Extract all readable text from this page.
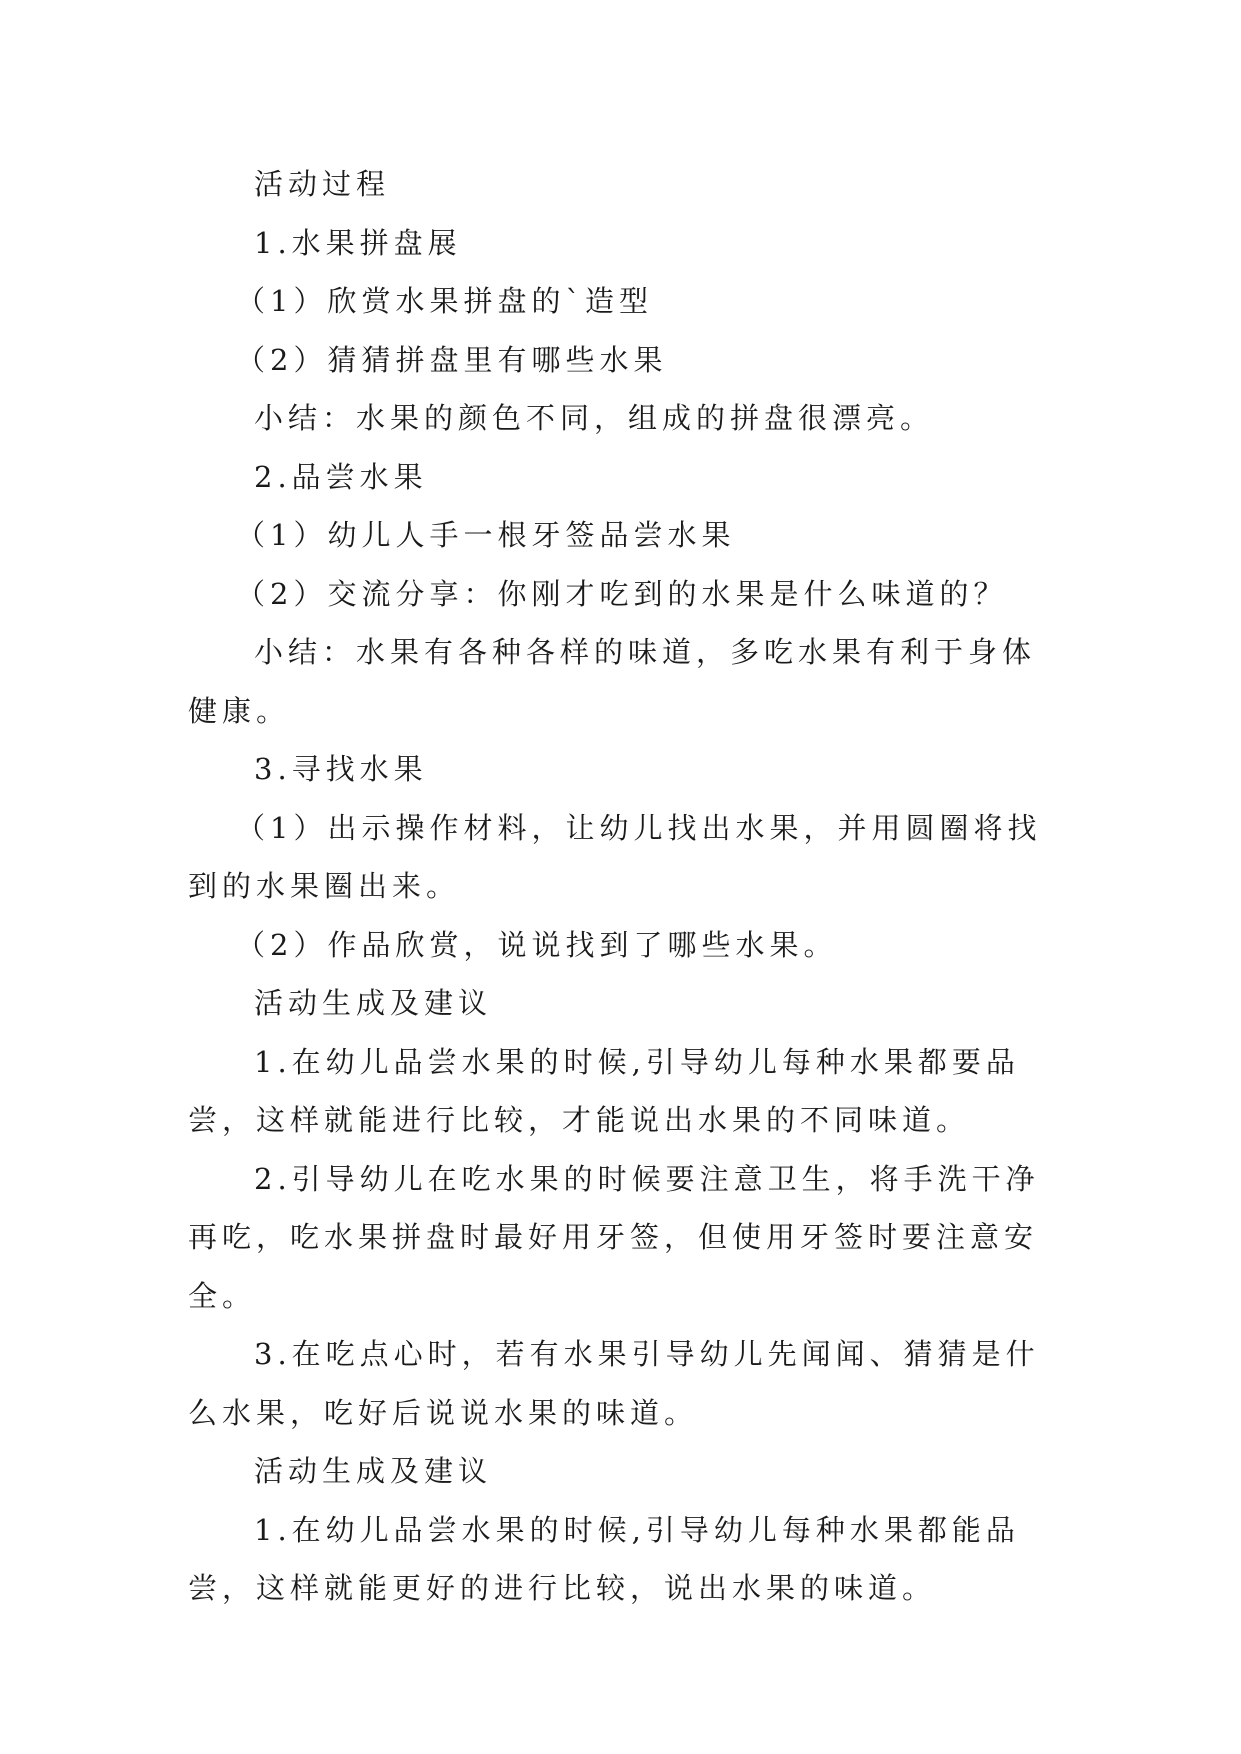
活动过程

1.水果拼盘展

（1）欣赏水果拼盘的`造型

（2）猜猜拼盘里有哪些水果

小结：水果的颜色不同，组成的拼盘很漂亮。

2.品尝水果

（1）幼儿人手一根牙签品尝水果

（2）交流分享：你刚才吃到的水果是什么味道的？

小结：水果有各种各样的味道，多吃水果有利于身体健康。

3.寻找水果

（1）出示操作材料，让幼儿找出水果，并用圆圈将找到的水果圈出来。

（2）作品欣赏，说说找到了哪些水果。

活动生成及建议

1.在幼儿品尝水果的时候,引导幼儿每种水果都要品尝，这样就能进行比较，才能说出水果的不同味道。

2.引导幼儿在吃水果的时候要注意卫生，将手洗干净再吃，吃水果拼盘时最好用牙签，但使用牙签时要注意安全。

3.在吃点心时，若有水果引导幼儿先闻闻、猜猜是什么水果，吃好后说说水果的味道。

活动生成及建议

1.在幼儿品尝水果的时候,引导幼儿每种水果都能品尝，这样就能更好的进行比较，说出水果的味道。
